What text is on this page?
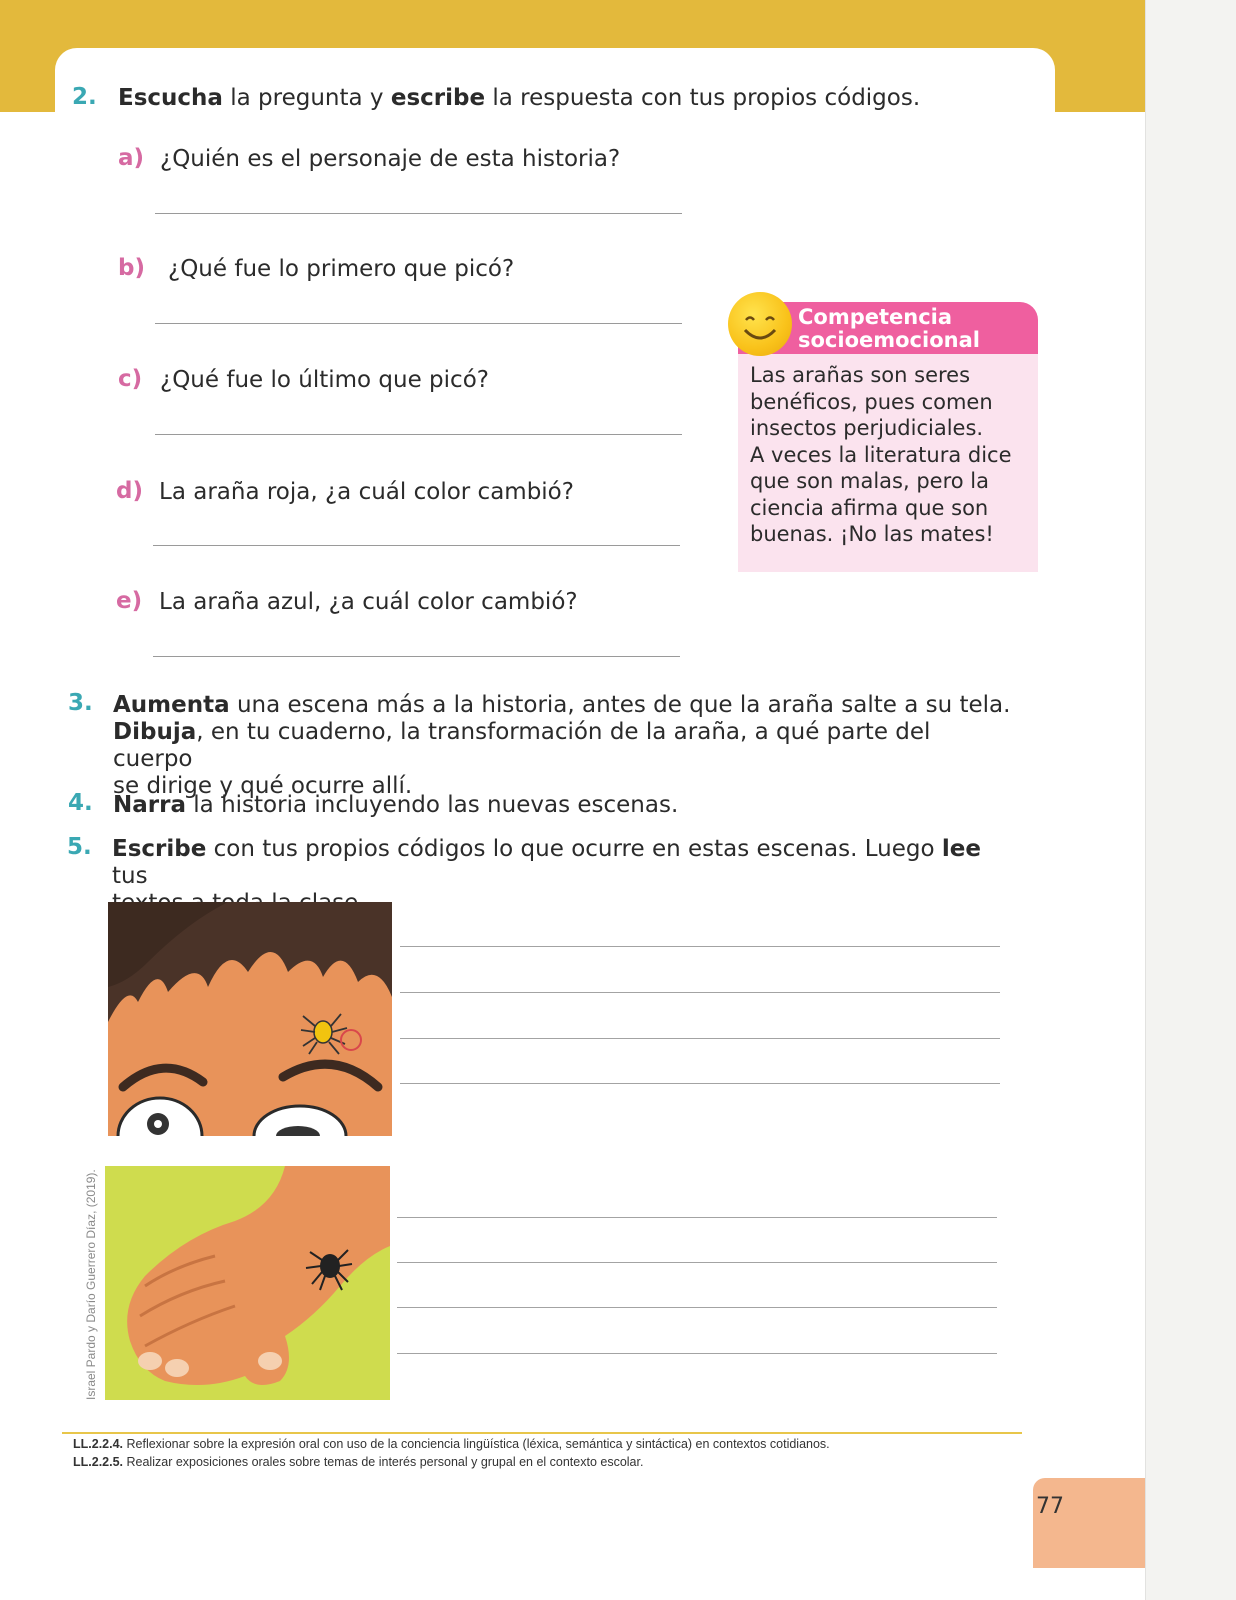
2. Escucha la pregunta y escribe la respuesta con tus propios códigos.
a) ¿Quién es el personaje de esta historia?
b) ¿Qué fue lo primero que picó?
c) ¿Qué fue lo último que picó?
d) La araña roja, ¿a cuál color cambió?
e) La araña azul, ¿a cuál color cambió?
Competencia
socioemocional
Las arañas son seres
benéficos, pues comen
insectos perjudiciales.
A veces la literatura dice
que son malas, pero la
ciencia afirma que son
buenas. ¡No las mates!
3. Aumenta una escena más a la historia, antes de que la araña salte a su tela.
Dibuja, en tu cuaderno, la transformación de la araña, a qué parte del cuerpo
se dirige y qué ocurre allí.
4. Narra la historia incluyendo las nuevas escenas.
5. Escribe con tus propios códigos lo que ocurre en estas escenas. Luego lee tus
Israel Pardo y Darío Guerrero Díaz, (2019).
LL.2.2.4. Reflexionar sobre la expresión oral con uso de la conciencia lingüística (léxica, semántica y sintáctica) en contextos cotidianos.
LL.2.2.5. Realizar exposiciones orales sobre temas de interés personal y grupal en el contexto escolar.
77
